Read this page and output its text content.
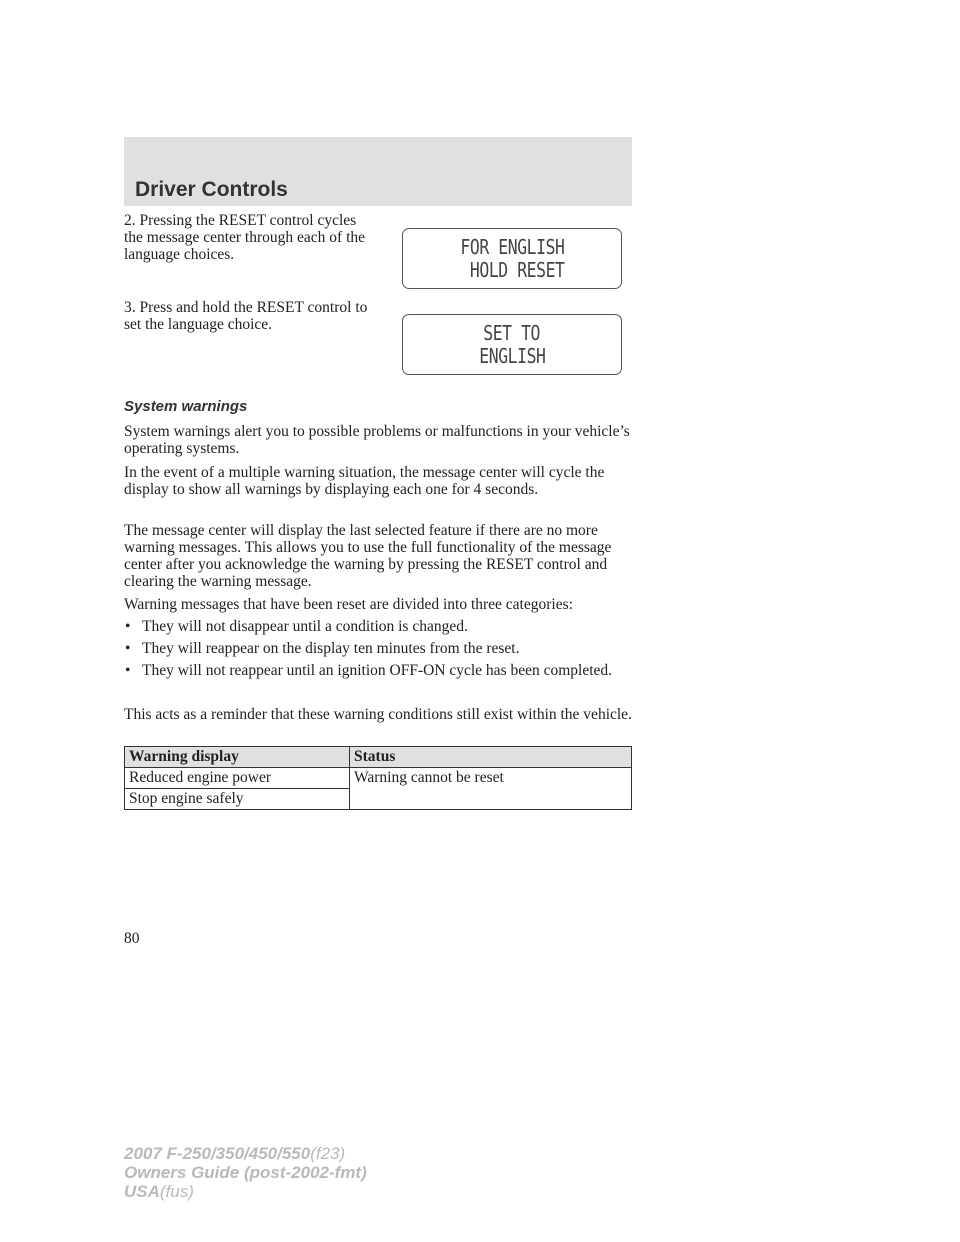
Driver Controls

2. Pressing the RESET control cycles the message center through each of the language choices.	FOR ENGLISH
HOLD RESET

3. Press and hold the RESET control to set the language choice.	SET TO
ENGLISH
System warnings

System warnings alert you to possible problems or malfunctions in your vehicle’s operating systems.

In the event of a multiple warning situation, the message center will cycle the display to show all warnings by displaying each one for 4 seconds.

The message center will display the last selected feature if there are no more warning messages. This allows you to use the full functionality of the message center after you acknowledge the warning by pressing the RESET control and clearing the warning message.

Warning messages that have been reset are divided into three categories:

• They will not disappear until a condition is changed.
• They will reappear on the display ten minutes from the reset.
• They will not reappear until an ignition OFF-ON cycle has been completed.

This acts as a reminder that these warning conditions still exist within the vehicle.

Warning display	Status
Reduced engine power	Warning cannot be reset
Stop engine safely	
80
2007 F-250/350/450/550(f23)
Owners Guide (post-2002-fmt)
USA(fus)
